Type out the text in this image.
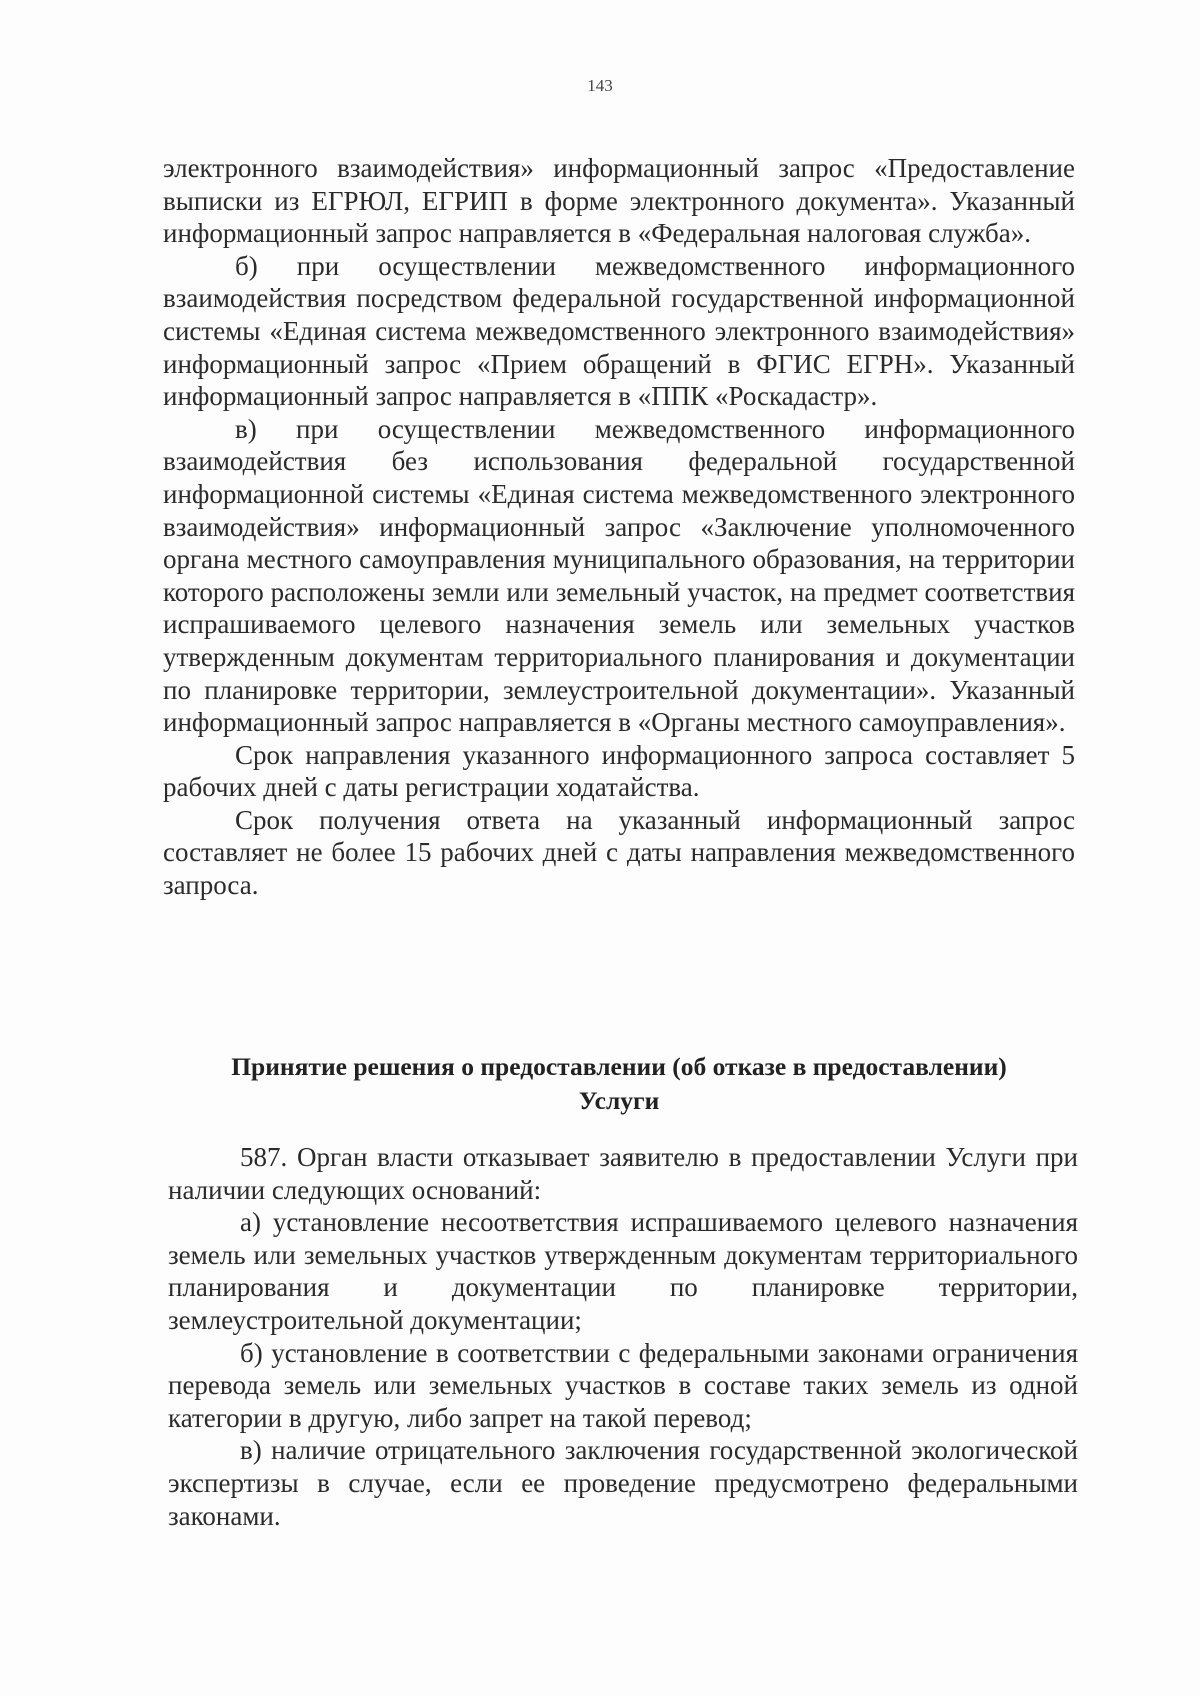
143

электронного взаимодействия» информационный запрос «Предоставление выписки из ЕГРЮЛ, ЕГРИП в форме электронного документа». Указанный информационный запрос направляется в «Федеральная налоговая служба».

б) при осуществлении межведомственного информационного взаимодействия посредством федеральной государственной информационной системы «Единая система межведомственного электронного взаимодействия» информационный запрос «Прием обращений в ФГИС ЕГРН». Указанный информационный запрос направляется в «ППК «Роскадастр».

в) при осуществлении межведомственного информационного взаимодействия без использования федеральной государственной информационной системы «Единая система межведомственного электронного взаимодействия» информационный запрос «Заключение уполномоченного органа местного самоуправления муниципального образования, на территории которого расположены земли или земельный участок, на предмет соответствия испрашиваемого целевого назначения земель или земельных участков утвержденным документам территориального планирования и документации по планировке территории, землеустроительной документации». Указанный информационный запрос направляется в «Органы местного самоуправления».

Срок направления указанного информационного запроса составляет 5 рабочих дней с даты регистрации ходатайства.

Срок получения ответа на указанный информационный запрос составляет не более 15 рабочих дней с даты направления межведомственного запроса.

Принятие решения о предоставлении (об отказе в предоставлении)

Услуги

587. Орган власти отказывает заявителю в предоставлении Услуги при наличии следующих оснований:

а) установление несоответствия испрашиваемого целевого назначения земель или земельных участков утвержденным документам территориального планирования и документации по планировке территории, землеустроительной документации;

б) установление в соответствии с федеральными законами ограничения перевода земель или земельных участков в составе таких земель из одной категории в другую, либо запрет на такой перевод;

в) наличие отрицательного заключения государственной экологической экспертизы в случае, если ее проведение предусмотрено федеральными законами.
